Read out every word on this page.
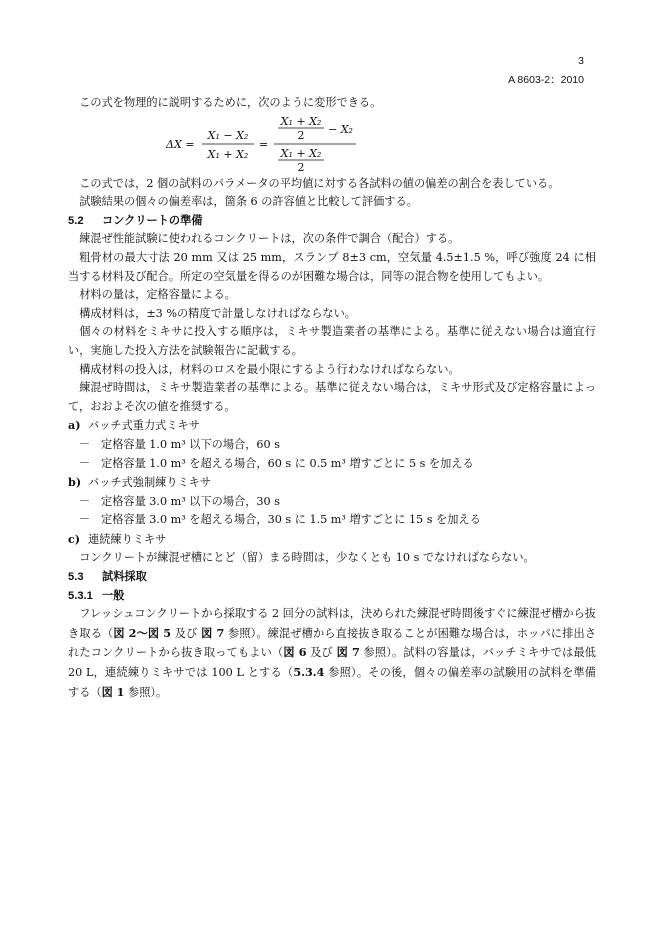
3
A 8603-2：2010

この式を物理的に説明するために，次のように変形できる。

ΔX =
X₁ − X₂
X₁ + X₂
=
X₁ + X₂
2 − X₂
X₁ + X₂
2

この式では，2 個の試料のパラメータの平均値に対する各試料の値の偏差の割合を表している。

試験結果の個々の偏差率は，箇条 6 の許容値と比較して評価する。

5.2 コンクリートの準備

練混ぜ性能試験に使われるコンクリートは，次の条件で調合（配合）する。

粗骨材の最大寸法 20 mm 又は 25 mm，スランプ 8±3 cm，空気量 4.5±1.5 %，呼び強度 24 に相当する材料及び配合。所定の空気量を得るのが困難な場合は，同等の混合物を使用してもよい。

材料の量は，定格容量による。

構成材料は，±3 %の精度で計量しなければならない。

個々の材料をミキサに投入する順序は，ミキサ製造業者の基準による。基準に従えない場合は適宜行い，実施した投入方法を試験報告に記載する。

構成材料の投入は，材料のロスを最小限にするよう行わなければならない。

練混ぜ時間は，ミキサ製造業者の基準による。基準に従えない場合は，ミキサ形式及び定格容量によって，おおよそ次の値を推奨する。

a) バッチ式重力式ミキサ

－ 定格容量 1.0 m³ 以下の場合，60 s

－ 定格容量 1.0 m³ を超える場合，60 s に 0.5 m³ 増すごとに 5 s を加える

b) バッチ式強制練りミキサ

－ 定格容量 3.0 m³ 以下の場合，30 s

－ 定格容量 3.0 m³ を超える場合，30 s に 1.5 m³ 増すごとに 15 s を加える

c) 連続練りミキサ

コンクリートが練混ぜ槽にとど（留）まる時間は，少なくとも 10 s でなければならない。

5.3 試料採取

5.3.1 一般

フレッシュコンクリートから採取する 2 回分の試料は，決められた練混ぜ時間後すぐに練混ぜ槽から抜き取る（図 2～図 5 及び 図 7 参照）。練混ぜ槽から直接抜き取ることが困難な場合は，ホッパに排出されたコンクリートから抜き取ってもよい（図 6 及び 図 7 参照）。試料の容量は，バッチミキサでは最低 20 L，連続練りミキサでは 100 L とする（5.3.4 参照）。その後，個々の偏差率の試験用の試料を準備する（図 1 参照）。
